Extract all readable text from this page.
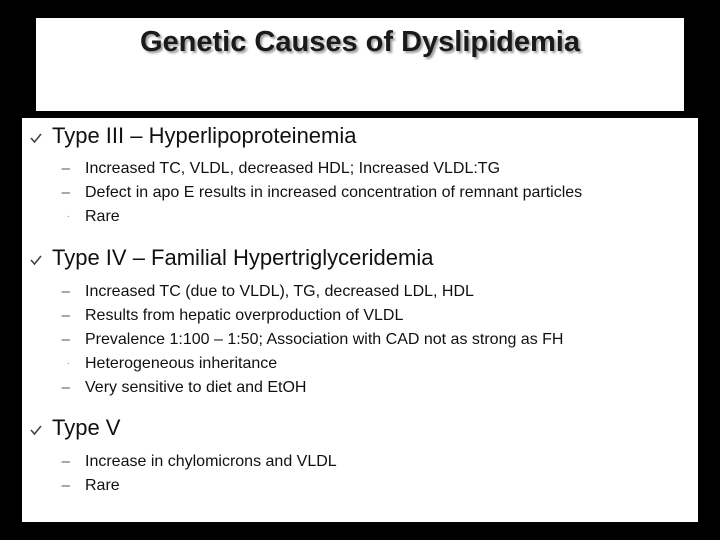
Genetic Causes of Dyslipidemia
Type III – Hyperlipoproteinemia
– Increased TC, VLDL, decreased HDL; Increased VLDL:TG
– Defect in apo E results in increased concentration of remnant particles
· Rare
Type IV – Familial Hypertriglyceridemia
– Increased TC (due to VLDL), TG, decreased LDL, HDL
– Results from hepatic overproduction of VLDL
– Prevalence 1:100 – 1:50; Association with CAD not as strong as FH
· Heterogeneous inheritance
– Very sensitive to diet and EtOH
Type V
– Increase in chylomicrons and VLDL
– Rare
